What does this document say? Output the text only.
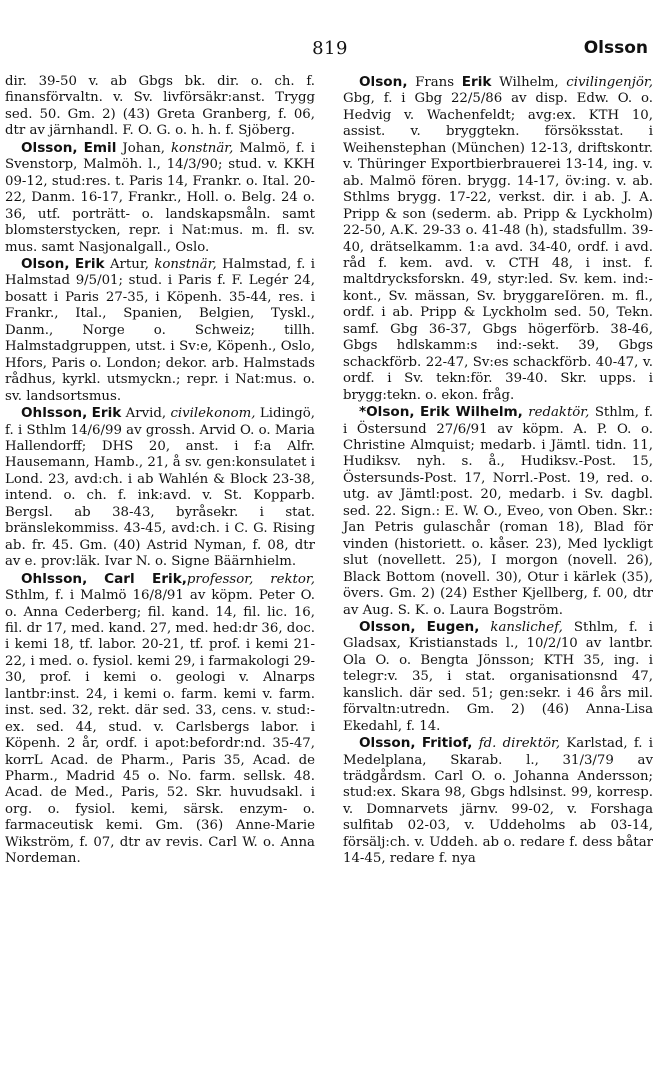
819	Olsson

dir. 39-50 v. ab Gbgs bk. dir. o. ch. f. finansförvaltn. v. Sv. livförsäkr:anst. Trygg sed. 50. Gm. 2) (43) Greta Granberg, f. 06, dtr av järnhandl. F. O. G. o. h. h. f. Sjöberg.

Olsson, Emil Johan, konstnär, Malmö, f. i Svenstorp, Malmöh. l., 14/3/90; stud. v. KKH 09-12, stud:res. t. Paris 14, Frankr. o. Ital. 20-22, Danm. 16-17, Frankr., Holl. o. Belg. 24 o. 36, utf. porträtt- o. landskapsmåln. samt blomsterstycken, repr. i Nat:mus. m. fl. sv. mus. samt Nasjonalgall., Oslo.

Olson, Erik Artur, konstnär, Halmstad, f. i Halmstad 9/5/01; stud. i Paris f. F. Legér 24, bosatt i Paris 27-35, i Köpenh. 35-44, res. i Frankr., Ital., Spanien, Belgien, Tyskl., Danm., Norge o. Schweiz; tillh. Halmstadgruppen, utst. i Sv:e, Köpenh., Oslo, Hfors, Paris o. London; dekor. arb. Halmstads rådhus, kyrkl. utsmyckn.; repr. i Nat:mus. o. sv. landsortsmus.

Ohlsson, Erik Arvid, civilekonom, Lidingö, f. i Sthlm 14/6/99 av grossh. Arvid O. o. Maria Hallendorff; DHS 20, anst. i f:a Alfr. Hausemann, Hamb., 21, å sv. gen:konsulatet i Lond. 23, avd:ch. i ab Wahlén & Block 23-38, intend. o. ch. f. ink:avd. v. St. Kopparb. Bergsl. ab 38-43, byråsekr. i stat. bränslekommiss. 43-45, avd:ch. i C. G. Rising ab. fr. 45. Gm. (40) Astrid Nyman, f. 08, dtr av e. prov:läk. Ivar N. o. Signe Bäärnhielm.

Ohlsson, Carl Erik,professor, rektor, Sthlm, f. i Malmö 16/8/91 av köpm. Peter O. o. Anna Cederberg; fil. kand. 14, fil. lic. 16, fil. dr 17, med. kand. 27, med. hed:dr 36, doc. i kemi 18, tf. labor. 20-21, tf. prof. i kemi 21-22, i med. o. fysiol. kemi 29, i farmakologi 29-30, prof. i kemi o. geologi v. Alnarps lantbr:inst. 24, i kemi o. farm. kemi v. farm. inst. sed. 32, rekt. där sed. 33, cens. v. stud:-ex. sed. 44, stud. v. Carlsbergs labor. i Köpenh. 2 år, ordf. i apot:befordr:nd. 35-47, korrL Acad. de Pharm., Paris 35, Acad. de Pharm., Madrid 45 o. No. farm. sellsk. 48. Acad. de Med., Paris, 52. Skr. huvudsakl. i org. o. fysiol. kemi, särsk. enzym- o. farmaceutisk kemi. Gm. (36) Anne-Marie Wikström, f. 07, dtr av revis. Carl W. o. Anna Nordeman.

Olson, Frans Erik Wilhelm, civilingenjör, Gbg, f. i Gbg 22/5/86 av disp. Edw. O. o. Hedvig v. Wachenfeldt; avg:ex. KTH 10, assist. v. bryggtekn. försöksstat. i Weihenstephan (München) 12-13, driftskontr. v. Thüringer Exportbierbrauerei 13-14, ing. v. ab. Malmö fören. brygg. 14-17, öv:ing. v. ab. Sthlms brygg. 17-22, verkst. dir. i ab. J. A. Pripp & son (sederm. ab. Pripp & Lyckholm) 22-50, A.K. 29-33 o. 41-48 (h), stadsfullm. 39-40, drätselkamm. 1:a avd. 34-40, ordf. i avd. råd f. kem. avd. v. CTH 48, i inst. f. maltdrycksforskn. 49, styr:led. Sv. kem. ind:-kont., Sv. mässan, Sv. bryggareIören. m. fl., ordf. i ab. Pripp & Lyckholm sed. 50, Tekn. samf. Gbg 36-37, Gbgs högerförb. 38-46, Gbgs hdlskamm:s ind:-sekt. 39, Gbgs schackförb. 22-47, Sv:es schackförb. 40-47, v. ordf. i Sv. tekn:för. 39-40. Skr. upps. i brygg:tekn. o. ekon. fråg.

*Olson, Erik Wilhelm, redaktör, Sthlm, f. i Östersund 27/6/91 av köpm. A. P. O. o. Christine Almquist; medarb. i Jämtl. tidn. 11, Hudiksv. nyh. s. å., Hudiksv.-Post. 15, Östersunds-Post. 17, Norrl.-Post. 19, red. o. utg. av Jämtl:post. 20, medarb. i Sv. dagbl. sed. 22. Sign.: E. W. O., Eveo, von Oben. Skr.: Jan Petris gulaschår (roman 18), Blad för vinden (historiett. o. kåser. 23), Med lyckligt slut (novellett. 25), I morgon (novell. 26), Black Bottom (novell. 30), Otur i kärlek (35), övers. Gm. 2) (24) Esther Kjellberg, f. 00, dtr av Aug. S. K. o. Laura Bogström.

Olsson, Eugen, kanslichef, Sthlm, f. i Gladsax, Kristianstads l., 10/2/10 av lantbr. Ola O. o. Bengta Jönsson; KTH 35, ing. i telegr:v. 35, i stat. organisationsnd 47, kanslich. där sed. 51; gen:sekr. i 46 års mil. förvaltn:utredn. Gm. 2) (46) Anna-Lisa Ekedahl, f. 14.

Olsson, Fritiof, fd. direktör, Karlstad, f. i Medelplana, Skarab. l., 31/3/79 av trädgårdsm. Carl O. o. Johanna Andersson; stud:ex. Skara 98, Gbgs hdlsinst. 99, korresp. v. Domnarvets järnv. 99-02, v. Forshaga sulfitab 02-03, v. Uddeholms ab 03-14, försälj:ch. v. Uddeh. ab o. redare f. dess båtar 14-45, redare f. nya
